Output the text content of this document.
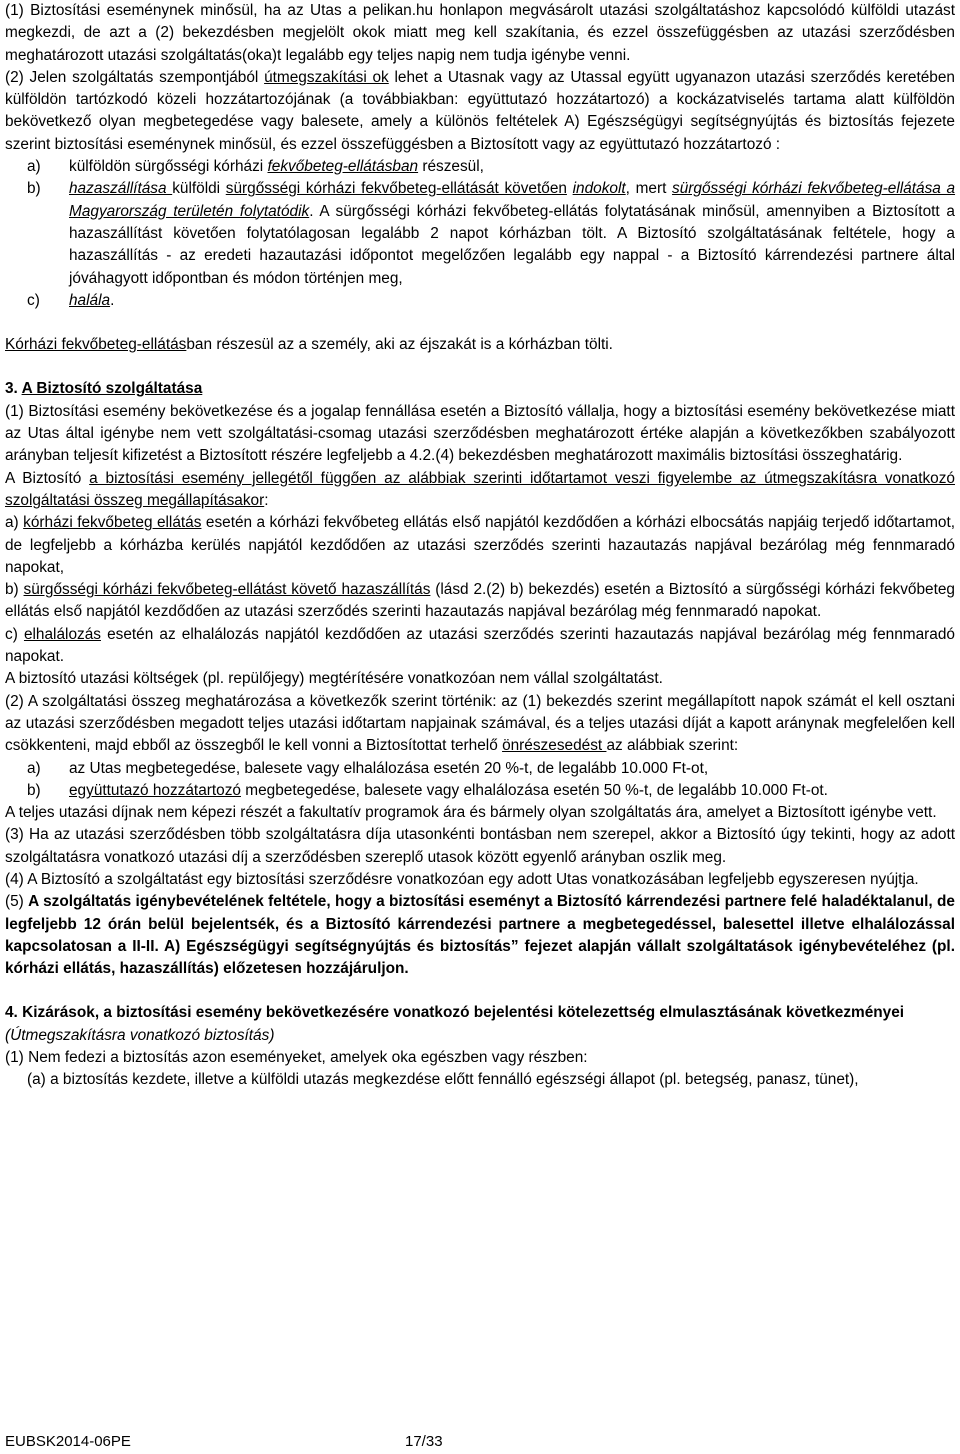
(1) Biztosítási eseménynek minősül, ha az Utas a pelikan.hu honlapon megvásárolt utazási szolgáltatáshoz kapcsolódó külföldi utazást megkezdi, de azt a (2) bekezdésben megjelölt okok miatt meg kell szakítania, és ezzel összefüggésben az utazási szerződésben meghatározott utazási szolgáltatás(oka)t legalább egy teljes napig nem tudja igénybe venni.

(2) Jelen szolgáltatás szempontjából útmegszakítási ok lehet a Utasnak vagy az Utassal együtt ugyanazon utazási szerződés keretében külföldön tartózkodó közeli hozzátartozójának (a továbbiakban: együttutazó hozzátartozó) a kockázatviselés tartama alatt külföldön bekövetkező olyan megbetegedése vagy balesete, amely a különös feltételek A) Egészségügyi segítségnyújtás és biztosítás fejezete szerint biztosítási eseménynek minősül, és ezzel összefüggésben a Biztosított vagy az együttutazó hozzátartozó :

a)	külföldön sürgősségi kórházi fekvőbeteg-ellátásban részesül,
b)	hazaszállítása külföldi sürgősségi kórházi fekvőbeteg-ellátását követően indokolt, mert sürgősségi kórházi fekvőbeteg-ellátása a Magyarország területén folytatódik. A sürgősségi kórházi fekvőbeteg-ellátás folytatásának minősül, amennyiben a Biztosított a hazaszállítást követően folytatólagosan legalább 2 napot kórházban tölt. A Biztosító szolgáltatásának feltétele, hogy a hazaszállítás - az eredeti hazautazási időpontot megelőzően legalább egy nappal - a Biztosító kárrendezési partnere által jóváhagyott időpontban és módon történjen meg,
c)	halála.

Kórházi fekvőbeteg-ellátásban részesül az a személy, aki az éjszakát is a kórházban tölti.

3. A Biztosító szolgáltatása

(1) Biztosítási esemény bekövetkezése és a jogalap fennállása esetén a Biztosító vállalja, hogy a biztosítási esemény bekövetkezése miatt az Utas által igénybe nem vett szolgáltatási-csomag utazási szerződésben meghatározott értéke alapján a következőkben szabályozott arányban teljesít kifizetést a Biztosított részére legfeljebb a 4.2.(4) bekezdésben meghatározott maximális biztosítási összeghatárig.

A Biztosító a biztosítási esemény jellegétől függően az alábbiak szerinti időtartamot veszi figyelembe az útmegszakításra vonatkozó szolgáltatási összeg megállapításakor:

a) kórházi fekvőbeteg ellátás esetén a kórházi fekvőbeteg ellátás első napjától kezdődően a kórházi elbocsátás napjáig terjedő időtartamot, de legfeljebb a kórházba kerülés napjától kezdődően az utazási szerződés szerinti hazautazás napjával bezárólag még fennmaradó napokat,

b) sürgősségi kórházi fekvőbeteg-ellátást követő hazaszállítás (lásd 2.(2) b) bekezdés) esetén a Biztosító a sürgősségi kórházi fekvőbeteg ellátás első napjától kezdődően az utazási szerződés szerinti hazautazás napjával bezárólag még fennmaradó napokat.

c) elhalálozás esetén az elhalálozás napjától kezdődően az utazási szerződés szerinti hazautazás napjával bezárólag még fennmaradó napokat.

A biztosító utazási költségek (pl. repülőjegy) megtérítésére vonatkozóan nem vállal szolgáltatást.

(2) A szolgáltatási összeg meghatározása a következők szerint történik: az (1) bekezdés szerint megállapított napok számát el kell osztani az utazási szerződésben megadott teljes utazási időtartam napjainak számával, és a teljes utazási díját a kapott aránynak megfelelően kell csökkenteni, majd ebből az összegből le kell vonni a Biztosítottat terhelő önrészesedést az alábbiak szerint:

a)	az Utas megbetegedése, balesete vagy elhalálozása esetén 20 %-t, de legalább 10.000 Ft-ot,
b)	együttutazó hozzátartozó megbetegedése, balesete vagy elhalálozása esetén 50 %-t, de legalább 10.000 Ft-ot.

A teljes utazási díjnak nem képezi részét a fakultatív programok ára és bármely olyan szolgáltatás ára, amelyet a Biztosított igénybe vett.

(3) Ha az utazási szerződésben több szolgáltatásra díja utasonkénti bontásban nem szerepel, akkor a Biztosító úgy tekinti, hogy az adott szolgáltatásra vonatkozó utazási díj a szerződésben szereplő utasok között egyenlő arányban oszlik meg.

(4) A Biztosító a szolgáltatást egy biztosítási szerződésre vonatkozóan egy adott Utas vonatkozásában legfeljebb egyszeresen nyújtja.

(5) A szolgáltatás igénybevételének feltétele, hogy a biztosítási eseményt a Biztosító kárrendezési partnere felé haladéktalanul, de legfeljebb 12 órán belül bejelentsék, és a Biztosító kárrendezési partnere a megbetegedéssel, balesettel illetve elhalálozással kapcsolatosan a II-II. A) Egészségügyi segítségnyújtás és biztosítás” fejezet alapján vállalt szolgáltatások igénybevételéhez (pl. kórházi ellátás, hazaszállítás) előzetesen hozzájáruljon.

4. Kizárások, a biztosítási esemény bekövetkezésére vonatkozó bejelentési kötelezettség elmulasztásának következményei

(Útmegszakításra vonatkozó biztosítás)

(1) Nem fedezi a biztosítás azon eseményeket, amelyek oka egészben vagy részben:

(a) a biztosítás kezdete, illetve a külföldi utazás megkezdése előtt fennálló egészségi állapot (pl. betegség, panasz, tünet),

EUBSK2014-06PE	17/33
